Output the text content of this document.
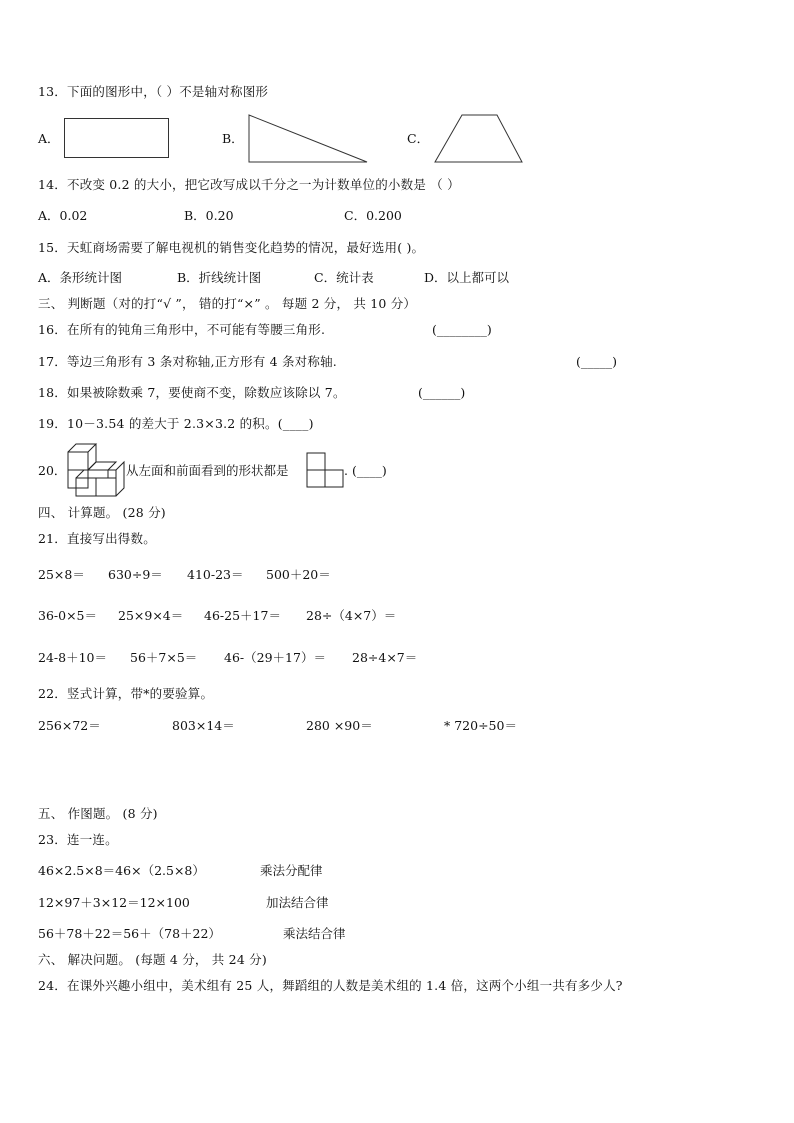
13．下面的图形中，（ ）不是轴对称图形
A．	B．	C．
14．不改变 0.2 的大小，把它改写成以千分之一为计数单位的小数是 （ ）
A．0.02	B．0.20	C．0.200
15．天虹商场需要了解电视机的销售变化趋势的情况，最好选用( )。
A．条形统计图	B．折线统计图	C．统计表	D．以上都可以
三、 判断题（对的打“√ ”， 错的打“×” 。 每题 2 分， 共 10 分）
16．在所有的钝角三角形中，不可能有等腰三角形.	(________)
17．等边三角形有 3 条对称轴,正方形有 4 条对称轴.	(_____)
18．如果被除数乘 7，要使商不变，除数应该除以 7。	(______)
19．10－3.54 的差大于 2.3×3.2 的积。(____)
20．	从左面和前面看到的形状都是	. (____)
四、 计算题。 (28 分)
21．直接写出得数。
25×8＝ 630÷9＝ 410-23＝ 500＋20＝
36-0×5＝ 25×9×4＝ 46-25＋17＝ 28÷（4×7）＝
24-8＋10＝ 56＋7×5＝ 46-（29＋17）＝ 28÷4×7＝
22．竖式计算，带*的要验算。
256×72＝	803×14＝	280 ×90＝	* 720÷50＝
五、 作图题。 (8 分)
23．连一连。
46×2.5×8＝46×（2.5×8）	乘法分配律
12×97＋3×12＝12×100	加法结合律
56＋78＋22＝56＋（78＋22）	乘法结合律
六、 解决问题。 (每题 4 分， 共 24 分)
24．在课外兴趣小组中，美术组有 25 人，舞蹈组的人数是美术组的 1.4 倍，这两个小组一共有多少人?
